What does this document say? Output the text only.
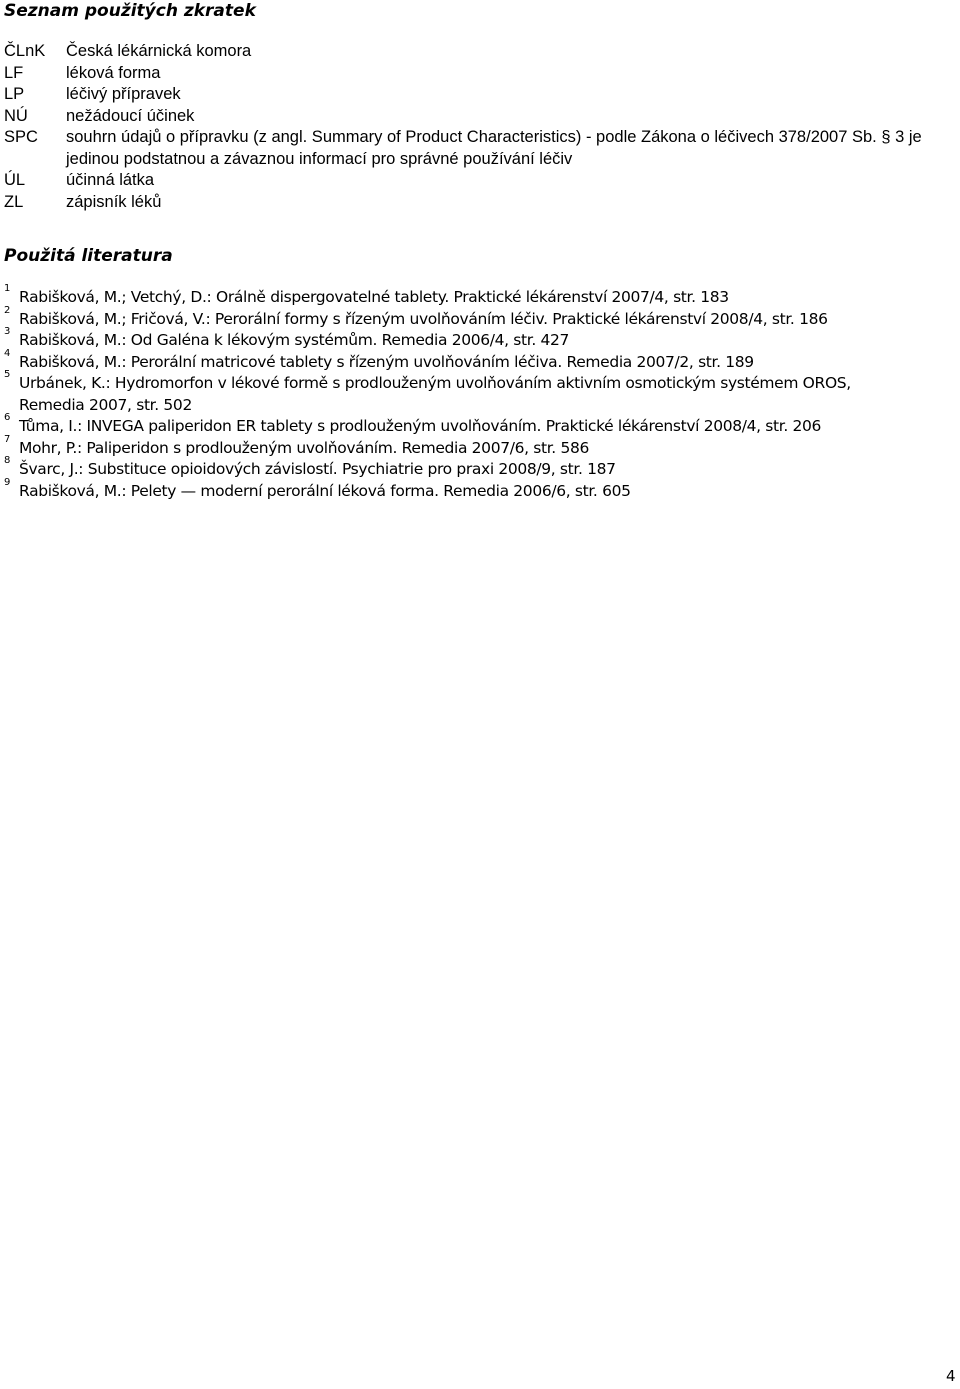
Seznam použitých zkratek
ČLnK	Česká lékárnická komora
LF	léková forma
LP	léčivý přípravek
NÚ	nežádoucí účinek
SPC	souhrn údajů o přípravku (z angl. Summary of Product Characteristics) - podle Zákona o léčivech 378/2007 Sb. § 3 je jedinou podstatnou a závaznou informací pro správné používání léčiv
ÚL	účinná látka
ZL	zápisník léků
Použitá literatura
1 Rabišková, M.; Vetchý, D.: Orálně dispergovatelné tablety. Praktické lékárenství 2007/4, str. 183
2 Rabišková, M.; Fričová, V.: Perorální formy s řízeným uvolňováním léčiv. Praktické lékárenství 2008/4, str. 186
3 Rabišková, M.: Od Galéna k lékovým systémům. Remedia 2006/4, str. 427
4 Rabišková, M.: Perorální matricové tablety s řízeným uvolňováním léčiva. Remedia 2007/2, str. 189
5 Urbánek, K.: Hydromorfon v lékové formě s prodlouženým uvolňováním aktivním osmotickým systémem OROS,
Remedia 2007, str. 502
6 Tůma, I.: INVEGA paliperidon ER tablety s prodlouženým uvolňováním. Praktické lékárenství 2008/4, str. 206
7 Mohr, P.: Paliperidon s prodlouženým uvolňováním. Remedia 2007/6, str. 586
8 Švarc, J.: Substituce opioidových závislostí. Psychiatrie pro praxi 2008/9, str. 187
9 Rabišková, M.: Pelety — moderní perorální léková forma. Remedia 2006/6, str. 605
4
